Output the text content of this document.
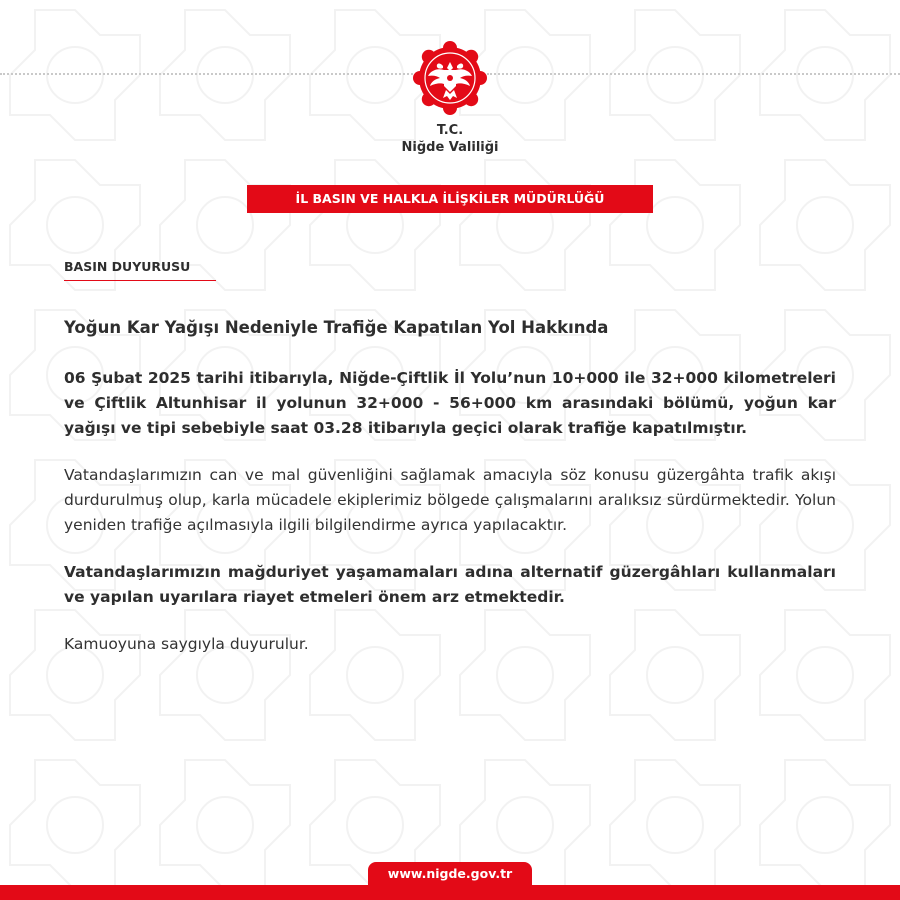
T.C.
Niğde Valiliği
İL BASIN VE HALKLA İLİŞKİLER MÜDÜRLÜĞÜ
BASIN DUYURUSU
Yoğun Kar Yağışı Nedeniyle Trafiğe Kapatılan Yol Hakkında

06 Şubat 2025 tarihi itibarıyla, Niğde-Çiftlik İl Yolu’nun 10+000 ile 32+000 kilometreleri ve Çiftlik Altunhisar il yolunun 32+000 - 56+000 km arasındaki bölümü, yoğun kar yağışı ve tipi sebebiyle saat 03.28 itibarıyla geçici olarak trafiğe kapatılmıştır.

Vatandaşlarımızın can ve mal güvenliğini sağlamak amacıyla söz konusu güzergâhta trafik akışı durdurulmuş olup, karla mücadele ekiplerimiz bölgede çalışmalarını aralıksız sürdürmektedir. Yolun yeniden trafiğe açılmasıyla ilgili bilgilendirme ayrıca yapılacaktır.

Vatandaşlarımızın mağduriyet yaşamamaları adına alternatif güzergâhları kullanmaları ve yapılan uyarılara riayet etmeleri önem arz etmektedir.

Kamuoyuna saygıyla duyurulur.

www.nigde.gov.tr
